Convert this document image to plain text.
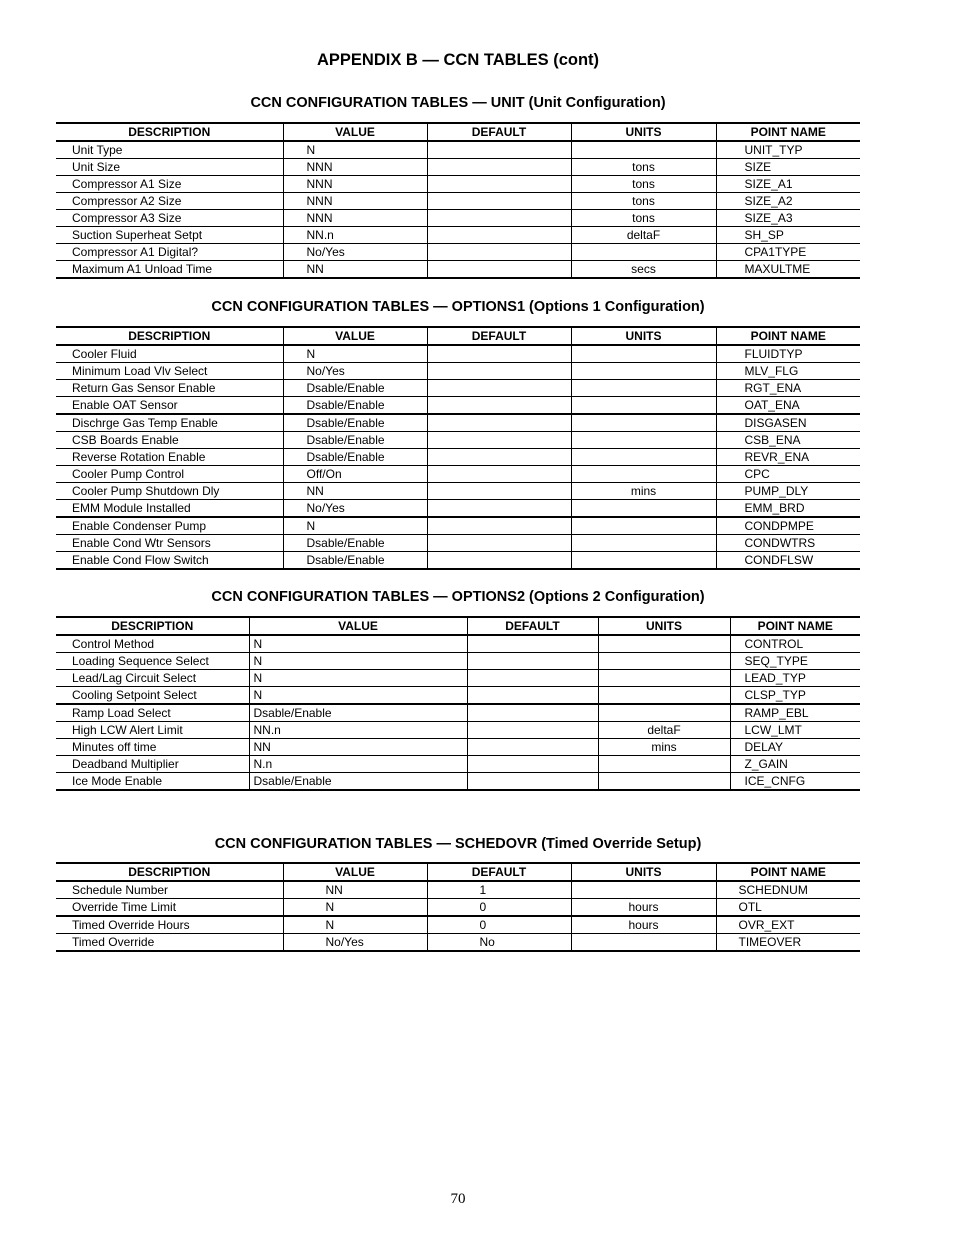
APPENDIX B — CCN TABLES (cont)
CCN CONFIGURATION TABLES — UNIT (Unit Configuration)
DESCRIPTION	VALUE	DEFAULT	UNITS	POINT NAME
Unit Type	N			UNIT_TYP
Unit Size	NNN		tons	SIZE
Compressor A1 Size	NNN		tons	SIZE_A1
Compressor A2 Size	NNN		tons	SIZE_A2
Compressor A3 Size	NNN		tons	SIZE_A3
Suction Superheat Setpt	NN.n		deltaF	SH_SP
Compressor A1 Digital?	No/Yes			CPA1TYPE
Maximum A1 Unload Time	NN		secs	MAXULTME
CCN CONFIGURATION TABLES — OPTIONS1 (Options 1 Configuration)
DESCRIPTION	VALUE	DEFAULT	UNITS	POINT NAME
Cooler Fluid	N			FLUIDTYP
Minimum Load Vlv Select	No/Yes			MLV_FLG
Return Gas Sensor Enable	Dsable/Enable			RGT_ENA
Enable OAT Sensor	Dsable/Enable			OAT_ENA
Dischrge Gas Temp Enable	Dsable/Enable			DISGASEN
CSB Boards Enable	Dsable/Enable			CSB_ENA
Reverse Rotation Enable	Dsable/Enable			REVR_ENA
Cooler Pump Control	Off/On			CPC
Cooler Pump Shutdown Dly	NN		mins	PUMP_DLY
EMM Module Installed	No/Yes			EMM_BRD
Enable Condenser Pump	N			CONDPMPE
Enable Cond Wtr Sensors	Dsable/Enable			CONDWTRS
Enable Cond Flow Switch	Dsable/Enable			CONDFLSW
CCN CONFIGURATION TABLES — OPTIONS2 (Options 2 Configuration)
DESCRIPTION	VALUE	DEFAULT	UNITS	POINT NAME
Control Method	N			CONTROL
Loading Sequence Select	N			SEQ_TYPE
Lead/Lag Circuit Select	N			LEAD_TYP
Cooling Setpoint Select	N			CLSP_TYP
Ramp Load Select	Dsable/Enable			RAMP_EBL
High LCW Alert Limit	NN.n		deltaF	LCW_LMT
Minutes off time	NN		mins	DELAY
Deadband Multiplier	N.n			Z_GAIN
Ice Mode Enable	Dsable/Enable			ICE_CNFG
CCN CONFIGURATION TABLES — SCHEDOVR (Timed Override Setup)
DESCRIPTION	VALUE	DEFAULT	UNITS	POINT NAME
Schedule Number	NN	1		SCHEDNUM
Override Time Limit	N	0	hours	OTL
Timed Override Hours	N	0	hours	OVR_EXT
Timed Override	No/Yes	No		TIMEOVER
70
